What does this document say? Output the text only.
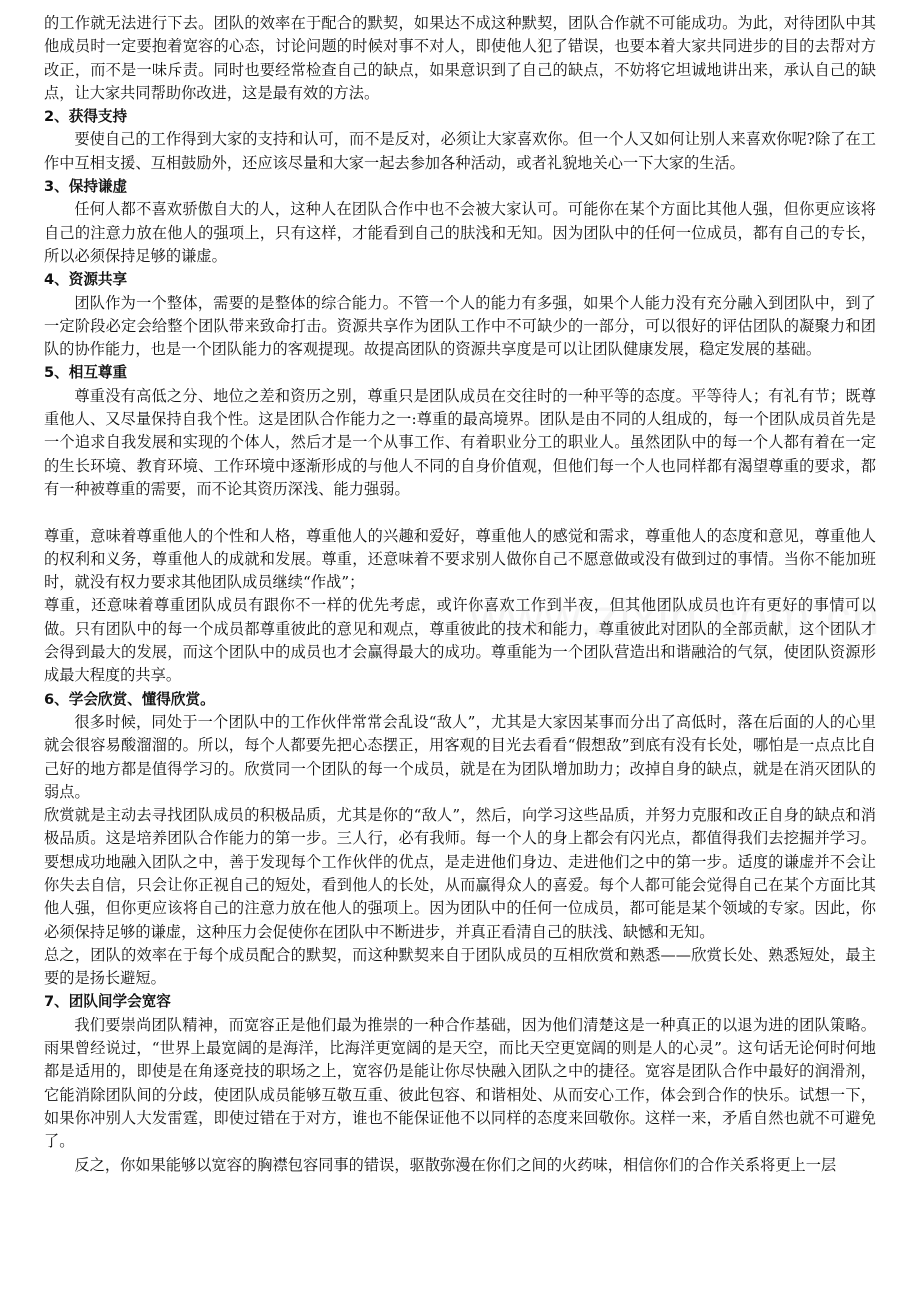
的工作就无法进行下去。团队的效率在于配合的默契，如果达不成这种默契，团队合作就不可能成功。为此，对待团队中其他成员时一定要抱着宽容的心态，讨论问题的时候对事不对人，即使他人犯了错误，也要本着大家共同进步的目的去帮对方改正，而不是一味斥责。同时也要经常检查自己的缺点，如果意识到了自己的缺点，不妨将它坦诚地讲出来，承认自己的缺点，让大家共同帮助你改进，这是最有效的方法。

2、获得支持

要使自己的工作得到大家的支持和认可，而不是反对，必须让大家喜欢你。但一个人又如何让别人来喜欢你呢?除了在工作中互相支援、互相鼓励外，还应该尽量和大家一起去参加各种活动，或者礼貌地关心一下大家的生活。

3、保持谦虚

任何人都不喜欢骄傲自大的人，这种人在团队合作中也不会被大家认可。可能你在某个方面比其他人强，但你更应该将自己的注意力放在他人的强项上，只有这样，才能看到自己的肤浅和无知。因为团队中的任何一位成员，都有自己的专长，所以必须保持足够的谦虚。

4、资源共享

团队作为一个整体，需要的是整体的综合能力。不管一个人的能力有多强，如果个人能力没有充分融入到团队中，到了一定阶段必定会给整个团队带来致命打击。资源共享作为团队工作中不可缺少的一部分，可以很好的评估团队的凝聚力和团队的协作能力，也是一个团队能力的客观提现。故提高团队的资源共享度是可以让团队健康发展，稳定发展的基础。

5、相互尊重

尊重没有高低之分、地位之差和资历之别，尊重只是团队成员在交往时的一种平等的态度。平等待人；有礼有节；既尊重他人、又尽量保持自我个性。这是团队合作能力之一:尊重的最高境界。团队是由不同的人组成的，每一个团队成员首先是一个追求自我发展和实现的个体人，然后才是一个从事工作、有着职业分工的职业人。虽然团队中的每一个人都有着在一定的生长环境、教育环境、工作环境中逐渐形成的与他人不同的自身价值观，但他们每一个人也同样都有渴望尊重的要求，都有一种被尊重的需要，而不论其资历深浅、能力强弱。

尊重，意味着尊重他人的个性和人格，尊重他人的兴趣和爱好，尊重他人的感觉和需求，尊重他人的态度和意见，尊重他人的权利和义务，尊重他人的成就和发展。尊重，还意味着不要求别人做你自己不愿意做或没有做到过的事情。当你不能加班时，就没有权力要求其他团队成员继续“作战”；

尊重，还意味着尊重团队成员有跟你不一样的优先考虑，或许你喜欢工作到半夜，但其他团队成员也许有更好的事情可以做。只有团队中的每一个成员都尊重彼此的意见和观点，尊重彼此的技术和能力，尊重彼此对团队的全部贡献，这个团队才会得到最大的发展，而这个团队中的成员也才会赢得最大的成功。尊重能为一个团队营造出和谐融洽的气氛，使团队资源形成最大程度的共享。

6、学会欣赏、懂得欣赏。

很多时候，同处于一个团队中的工作伙伴常常会乱设“敌人”，尤其是大家因某事而分出了高低时，落在后面的人的心里就会很容易酸溜溜的。所以，每个人都要先把心态摆正，用客观的目光去看看“假想敌”到底有没有长处，哪怕是一点点比自己好的地方都是值得学习的。欣赏同一个团队的每一个成员，就是在为团队增加助力；改掉自身的缺点，就是在消灭团队的弱点。

欣赏就是主动去寻找团队成员的积极品质，尤其是你的“敌人”，然后，向学习这些品质，并努力克服和改正自身的缺点和消极品质。这是培养团队合作能力的第一步。三人行，必有我师。每一个人的身上都会有闪光点，都值得我们去挖掘并学习。要想成功地融入团队之中，善于发现每个工作伙伴的优点，是走进他们身边、走进他们之中的第一步。适度的谦虚并不会让你失去自信，只会让你正视自己的短处，看到他人的长处，从而赢得众人的喜爱。每个人都可能会觉得自己在某个方面比其他人强，但你更应该将自己的注意力放在他人的强项上。因为团队中的任何一位成员，都可能是某个领域的专家。因此，你必须保持足够的谦虚，这种压力会促使你在团队中不断进步，并真正看清自己的肤浅、缺憾和无知。

总之，团队的效率在于每个成员配合的默契，而这种默契来自于团队成员的互相欣赏和熟悉——欣赏长处、熟悉短处，最主要的是扬长避短。

7、团队间学会宽容

我们要崇尚团队精神，而宽容正是他们最为推崇的一种合作基础，因为他们清楚这是一种真正的以退为进的团队策略。雨果曾经说过，“世界上最宽阔的是海洋，比海洋更宽阔的是天空，而比天空更宽阔的则是人的心灵”。这句话无论何时何地都是适用的，即使是在角逐竞技的职场之上，宽容仍是能让你尽快融入团队之中的捷径。宽容是团队合作中最好的润滑剂，它能消除团队间的分歧，使团队成员能够互敬互重、彼此包容、和谐相处、从而安心工作，体会到合作的快乐。试想一下，如果你冲别人大发雷霆，即使过错在于对方，谁也不能保证他不以同样的态度来回敬你。这样一来，矛盾自然也就不可避免了。

反之，你如果能够以宽容的胸襟包容同事的错误，驱散弥漫在你们之间的火药味，相信你们的合作关系将更上一层
